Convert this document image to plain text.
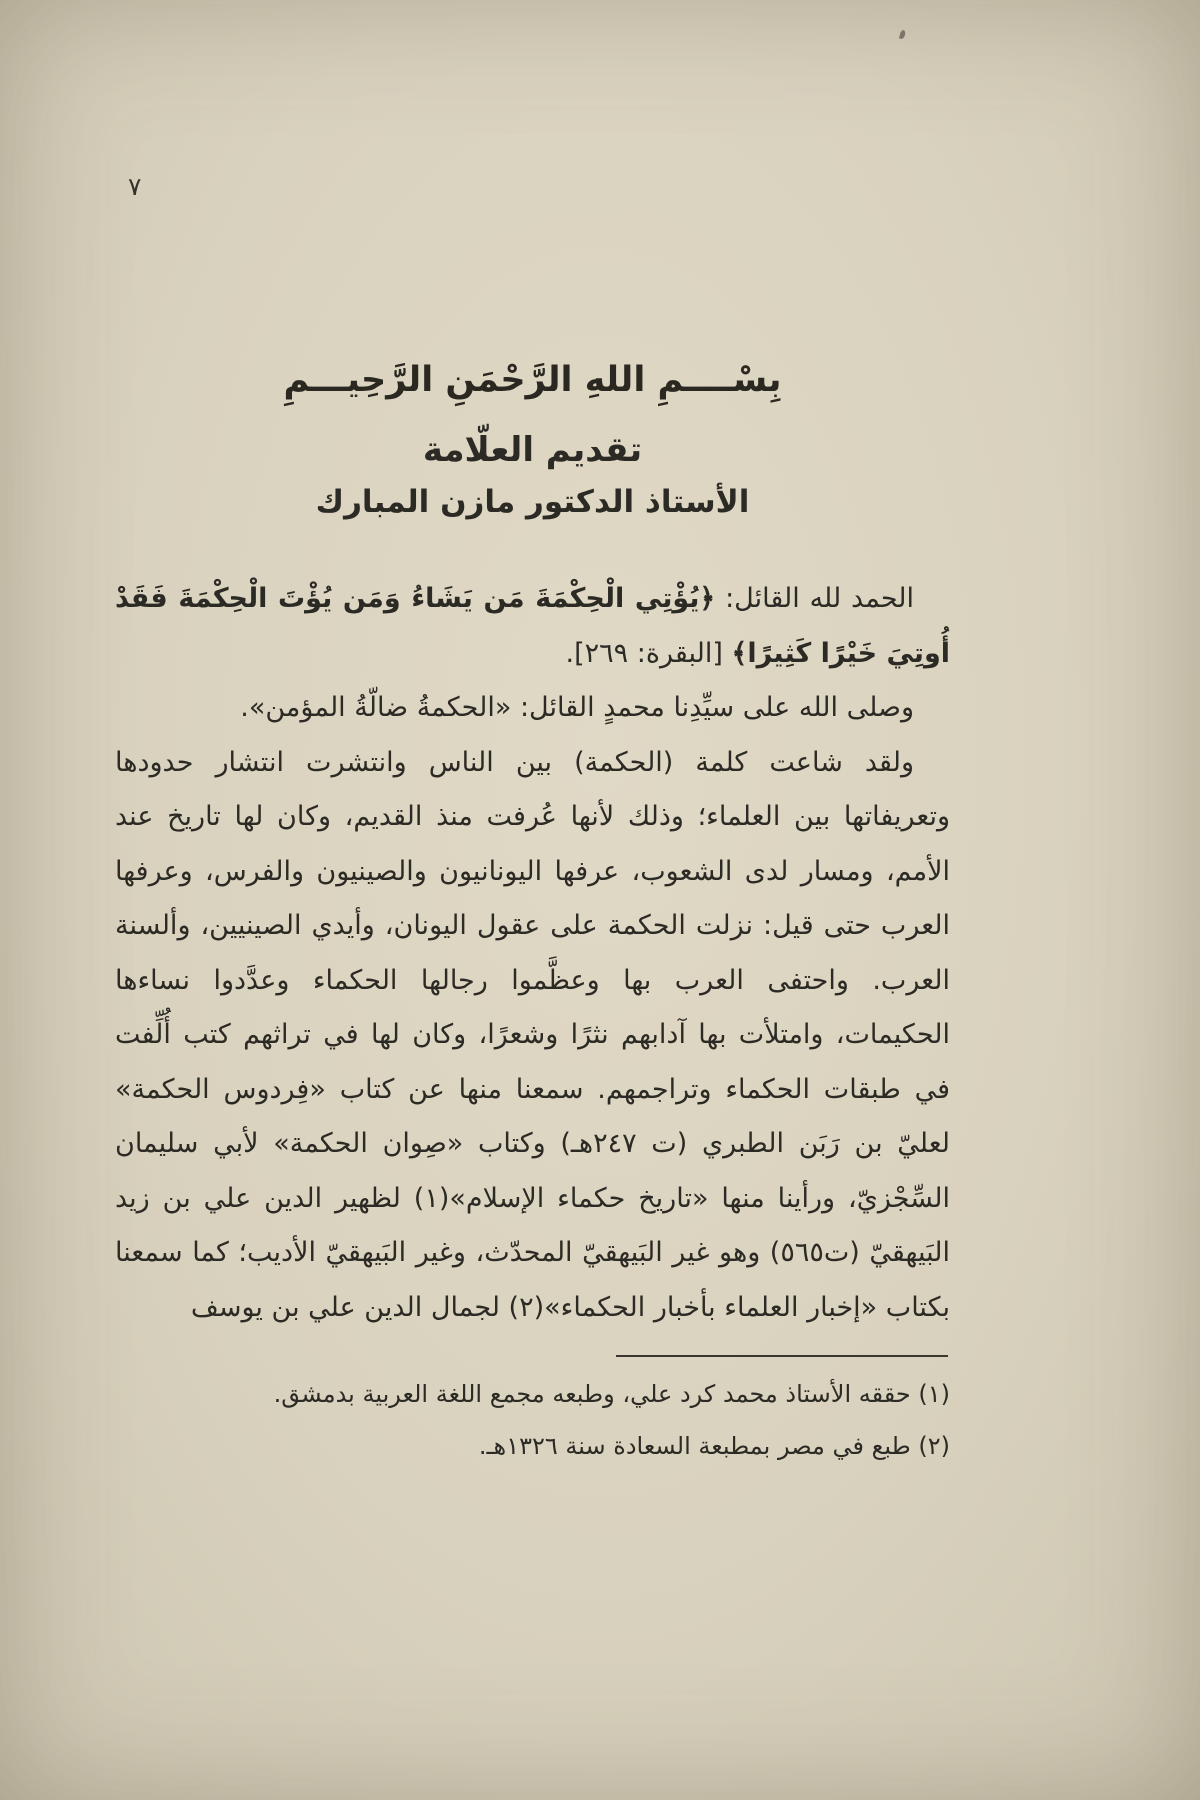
٧
بِسْــــمِ اللهِ الرَّحْمَنِ الرَّحِيـــمِ
تقديم العلّامة
الأستاذ الدكتور مازن المبارك

الحمد لله القائل: ﴿يُؤْتِي الْحِكْمَةَ مَن يَشَاءُ وَمَن يُؤْتَ الْحِكْمَةَ فَقَدْ أُوتِيَ خَيْرًا كَثِيرًا﴾ [البقرة: ٢٦٩].

وصلى الله على سيِّدِنا محمدٍ القائل: «الحكمةُ ضالّةُ المؤمن».

ولقد شاعت كلمة (الحكمة) بين الناس وانتشرت انتشار حدودها وتعريفاتها بين العلماء؛ وذلك لأنها عُرفت منذ القديم، وكان لها تاريخ عند الأمم، ومسار لدى الشعوب، عرفها اليونانيون والصينيون والفرس، وعرفها العرب حتى قيل: نزلت الحكمة على عقول اليونان، وأيدي الصينيين، وألسنة العرب. واحتفى العرب بها وعظَّموا رجالها الحكماء وعدَّدوا نساءها الحكيمات، وامتلأت بها آدابهم نثرًا وشعرًا، وكان لها في تراثهم كتب أُلِّفت في طبقات الحكماء وتراجمهم. سمعنا منها عن كتاب «فِردوس الحكمة» لعليّ بن رَبَن الطبري (ت ٢٤٧هـ) وكتاب «صِوان الحكمة» لأبي سليمان السِّجْزيّ، ورأينا منها «تاريخ حكماء الإسلام»(١) لظهير الدين علي بن زيد البَيهقيّ (ت٥٦٥) وهو غير البَيهقيّ المحدّث، وغير البَيهقيّ الأديب؛ كما سمعنا بكتاب «إخبار العلماء بأخبار الحكماء»(٢) لجمال الدين علي بن يوسف

(١) حققه الأستاذ محمد كرد علي، وطبعه مجمع اللغة العربية بدمشق.

(٢) طبع في مصر بمطبعة السعادة سنة ١٣٢٦هـ.
